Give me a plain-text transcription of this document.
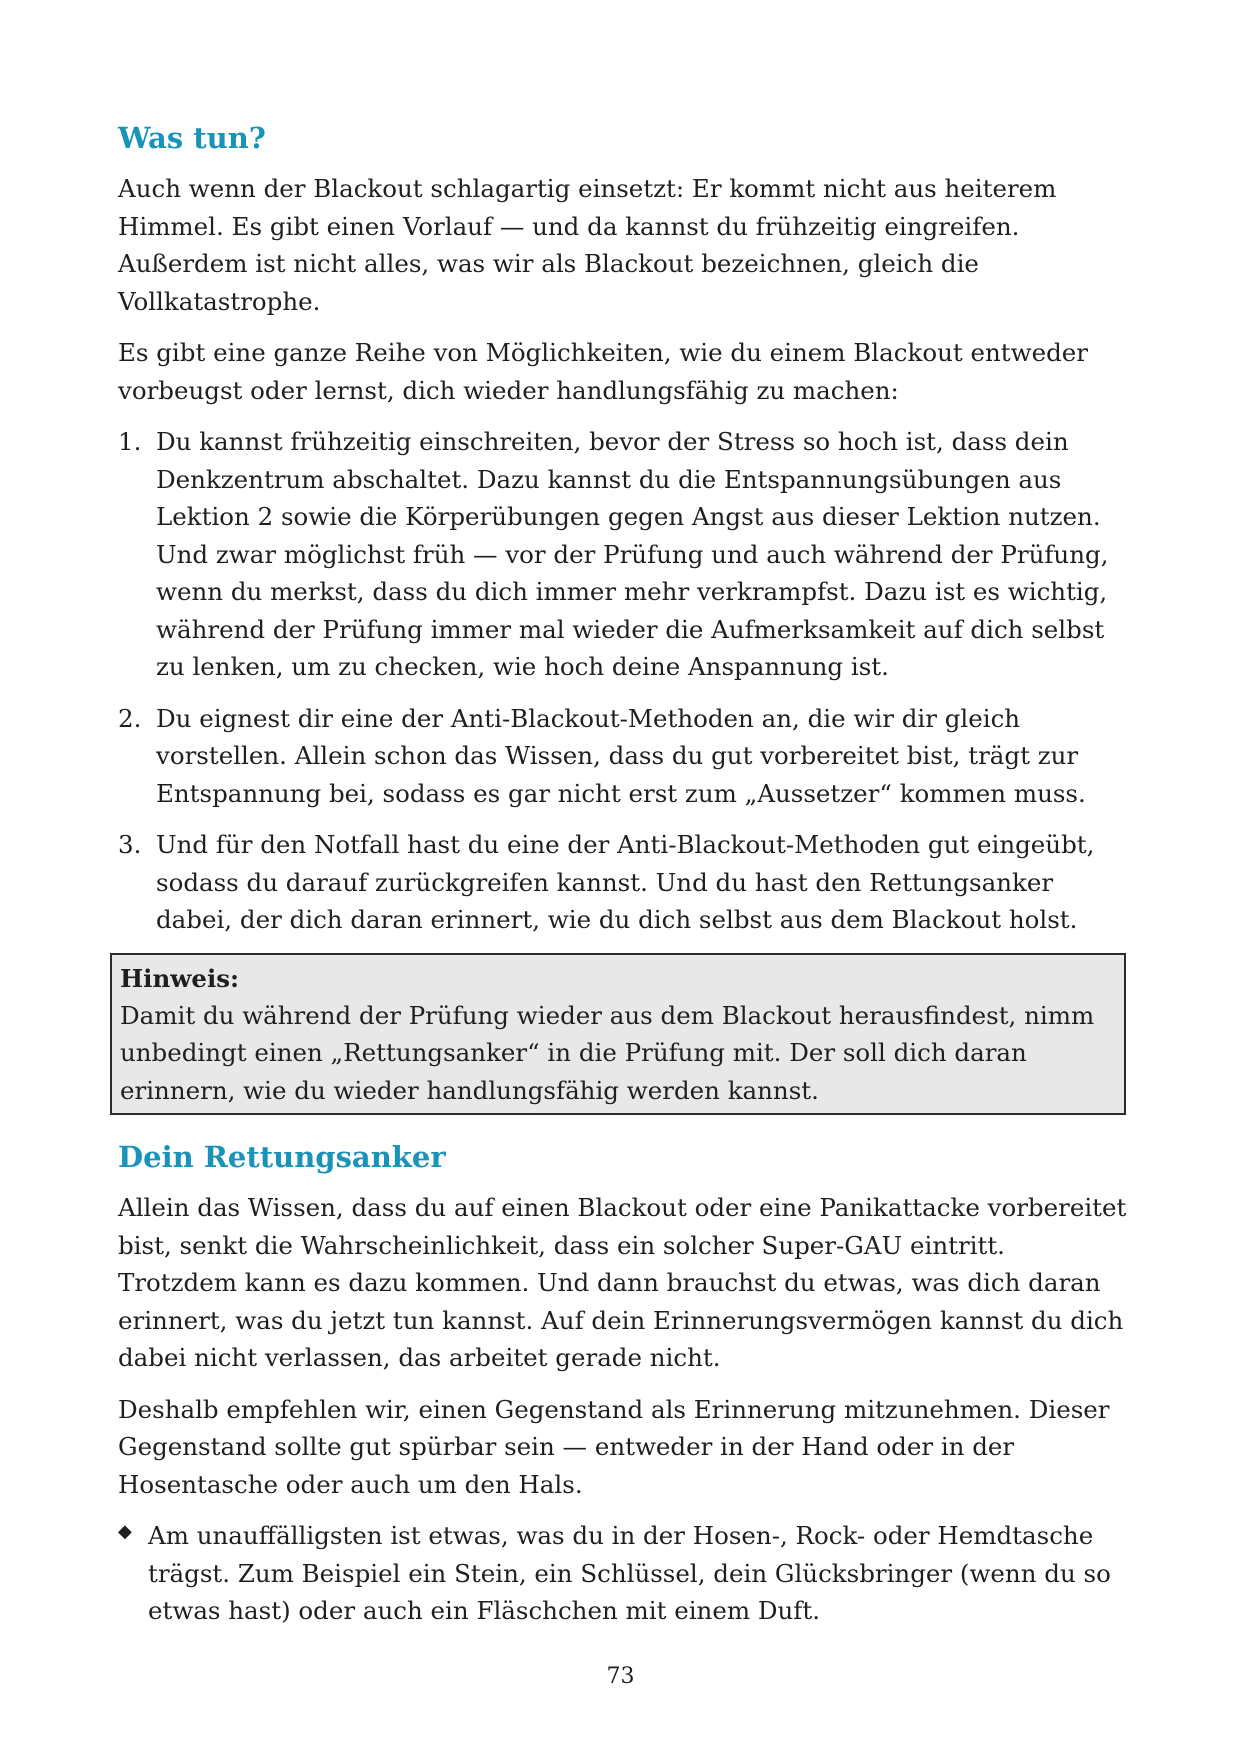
Was tun?

Auch wenn der Blackout schlagartig einsetzt: Er kommt nicht aus heiterem Himmel. Es gibt einen Vorlauf — und da kannst du frühzeitig eingreifen. Außerdem ist nicht alles, was wir als Blackout bezeichnen, gleich die Vollkatastrophe.

Es gibt eine ganze Reihe von Möglichkeiten, wie du einem Blackout entweder vorbeugst oder lernst, dich wieder handlungsfähig zu machen:

1. Du kannst frühzeitig einschreiten, bevor der Stress so hoch ist, dass dein Denkzentrum abschaltet. Dazu kannst du die Entspannungsübungen aus Lektion 2 sowie die Körperübungen gegen Angst aus dieser Lektion nutzen. Und zwar möglichst früh — vor der Prüfung und auch während der Prüfung, wenn du merkst, dass du dich immer mehr verkrampfst. Dazu ist es wichtig, während der Prüfung immer mal wieder die Aufmerksamkeit auf dich selbst zu lenken, um zu checken, wie hoch deine Anspannung ist.
2. Du eignest dir eine der Anti-Blackout-Methoden an, die wir dir gleich vorstellen. Allein schon das Wissen, dass du gut vorbereitet bist, trägt zur Entspannung bei, sodass es gar nicht erst zum „Aussetzer“ kommen muss.
3. Und für den Notfall hast du eine der Anti-Blackout-Methoden gut eingeübt, sodass du darauf zurückgreifen kannst. Und du hast den Rettungsanker dabei, der dich daran erinnert, wie du dich selbst aus dem Blackout holst.
Hinweis:
Damit du während der Prüfung wieder aus dem Blackout herausfindest, nimm unbedingt einen „Rettungsanker“ in die Prüfung mit. Der soll dich daran erinnern, wie du wieder handlungsfähig werden kannst.
Dein Rettungsanker

Allein das Wissen, dass du auf einen Blackout oder eine Panikattacke vorbereitet bist, senkt die Wahrscheinlichkeit, dass ein solcher Super-GAU eintritt. Trotzdem kann es dazu kommen. Und dann brauchst du etwas, was dich daran erinnert, was du jetzt tun kannst. Auf dein Erinnerungsvermögen kannst du dich dabei nicht verlassen, das arbeitet gerade nicht.

Deshalb empfehlen wir, einen Gegenstand als Erinnerung mitzunehmen. Dieser Gegenstand sollte gut spürbar sein — entweder in der Hand oder in der Hosentasche oder auch um den Hals.

◆ Am unauffälligsten ist etwas, was du in der Hosen-, Rock- oder Hemdtasche trägst. Zum Beispiel ein Stein, ein Schlüssel, dein Glücksbringer (wenn du so etwas hast) oder auch ein Fläschchen mit einem Duft.
73
